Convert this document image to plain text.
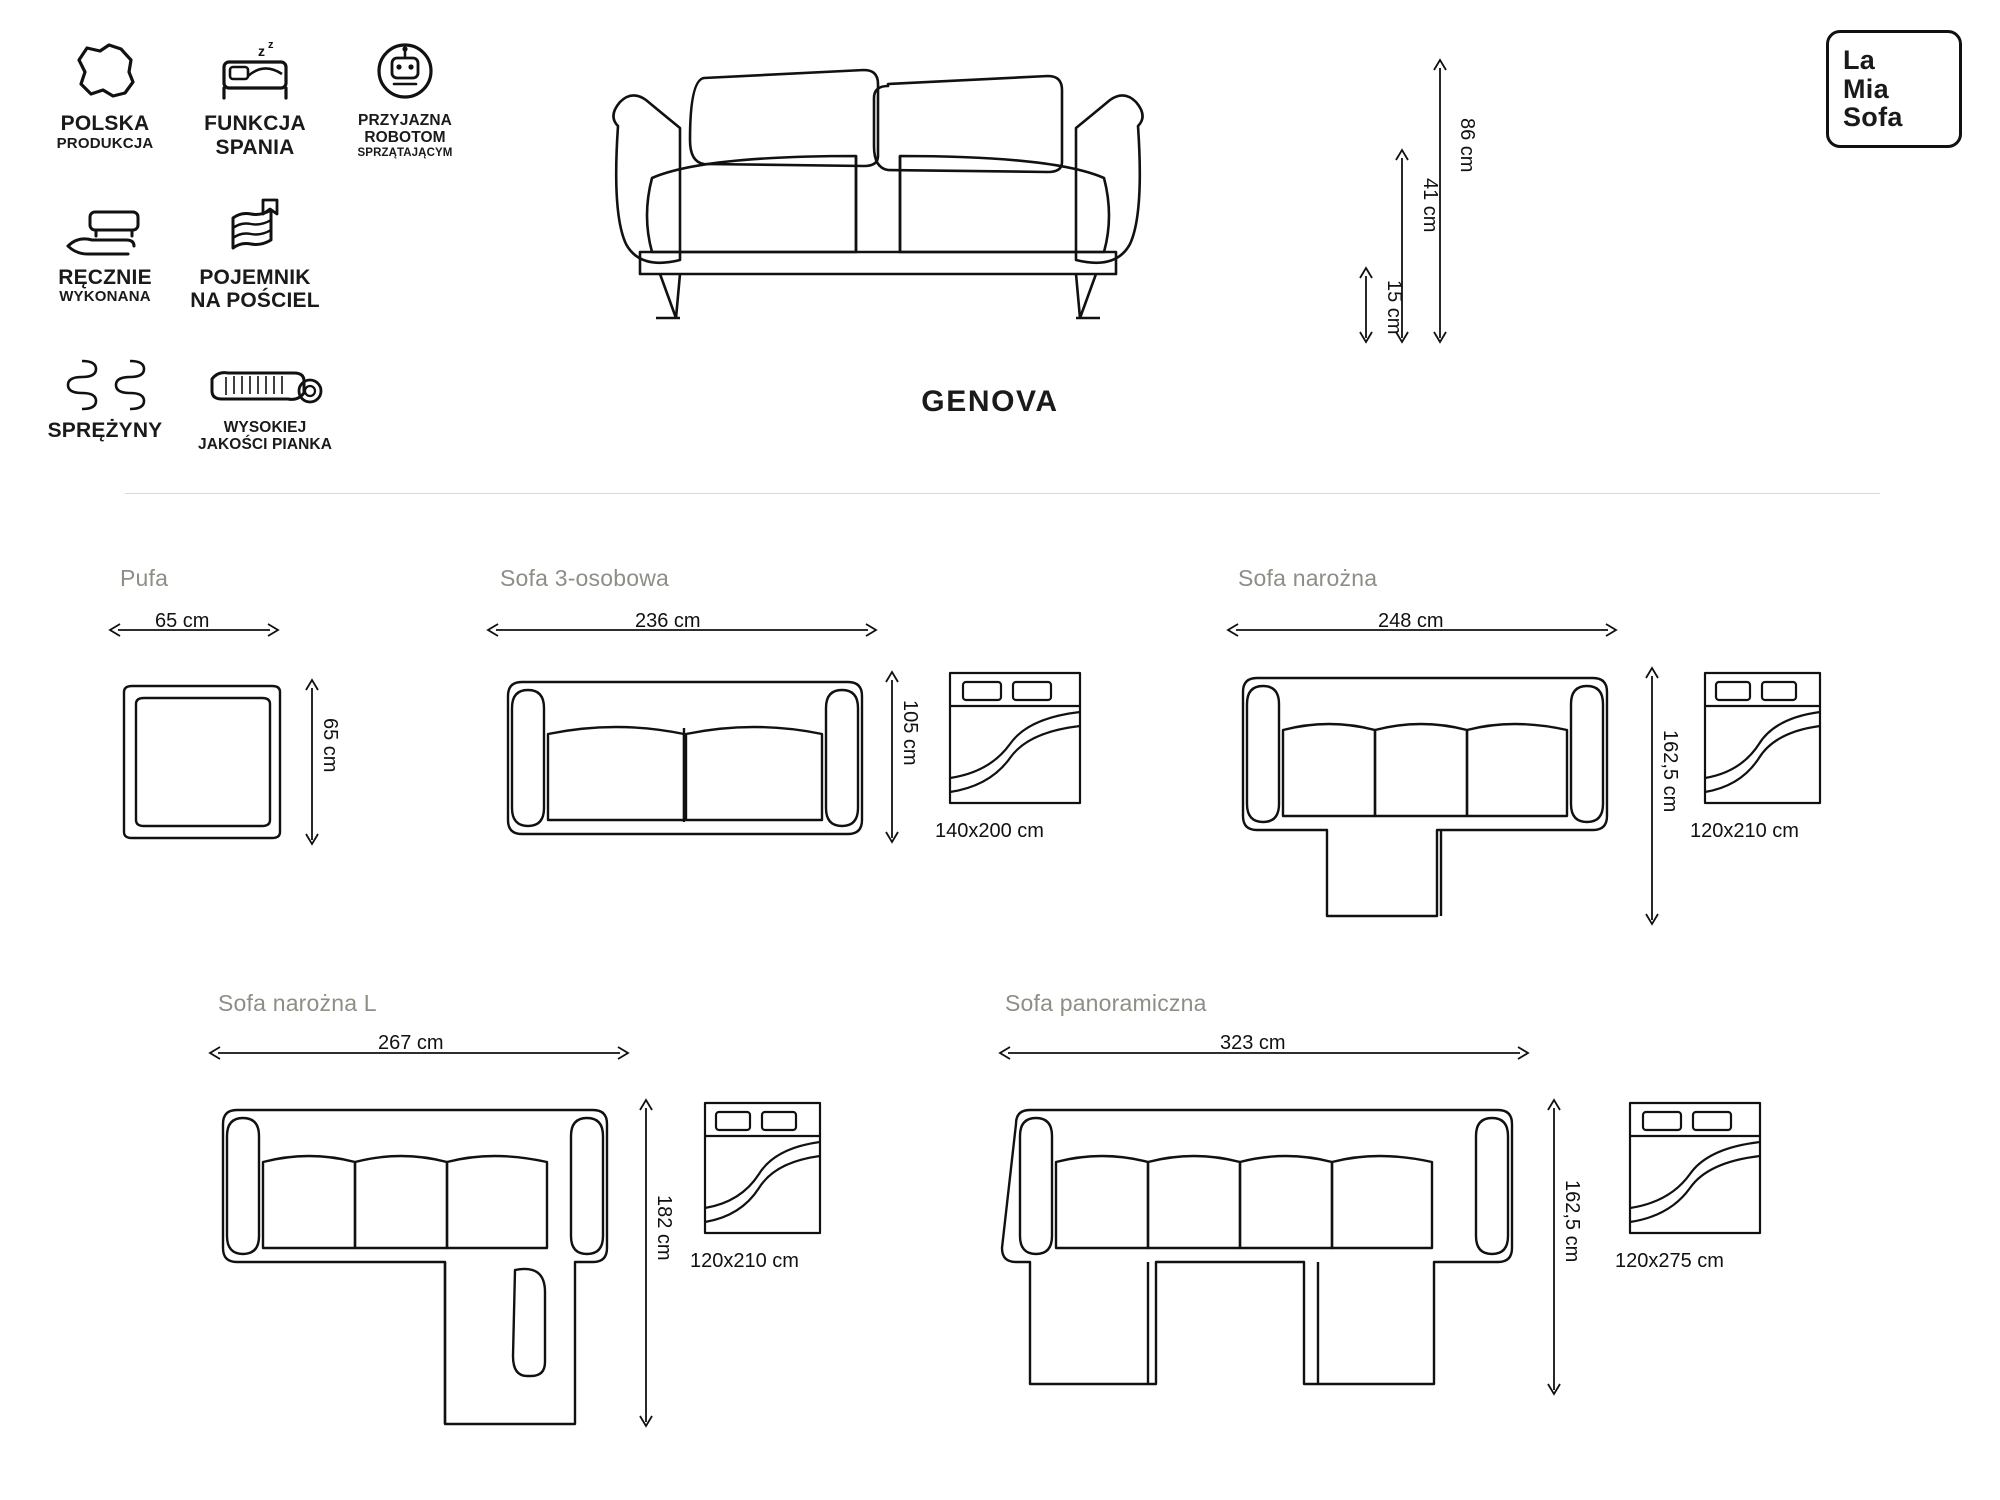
POLSKA
PRODUKCJA
z z
FUNKCJA
SPANIA
PRZYJAZNA
ROBOTOM
SPRZĄTAJĄCYM
RĘCZNIE
WYKONANA
POJEMNIK
NA POŚCIEL
SPRĘŻYNY	WYSOKIEJ
JAKOŚCI PIANKA
La
Mia
Sofa
GENOVA
86 cm
41 cm
15 cm
Pufa
65 cm
65 cm
Sofa 3-osobowa
236 cm
105 cm
140x200 cm
Sofa narożna
248 cm
162,5 cm
120x210 cm
Sofa narożna L
267 cm
182 cm
120x210 cm
Sofa panoramiczna
323 cm
162,5 cm 120x275 cm
